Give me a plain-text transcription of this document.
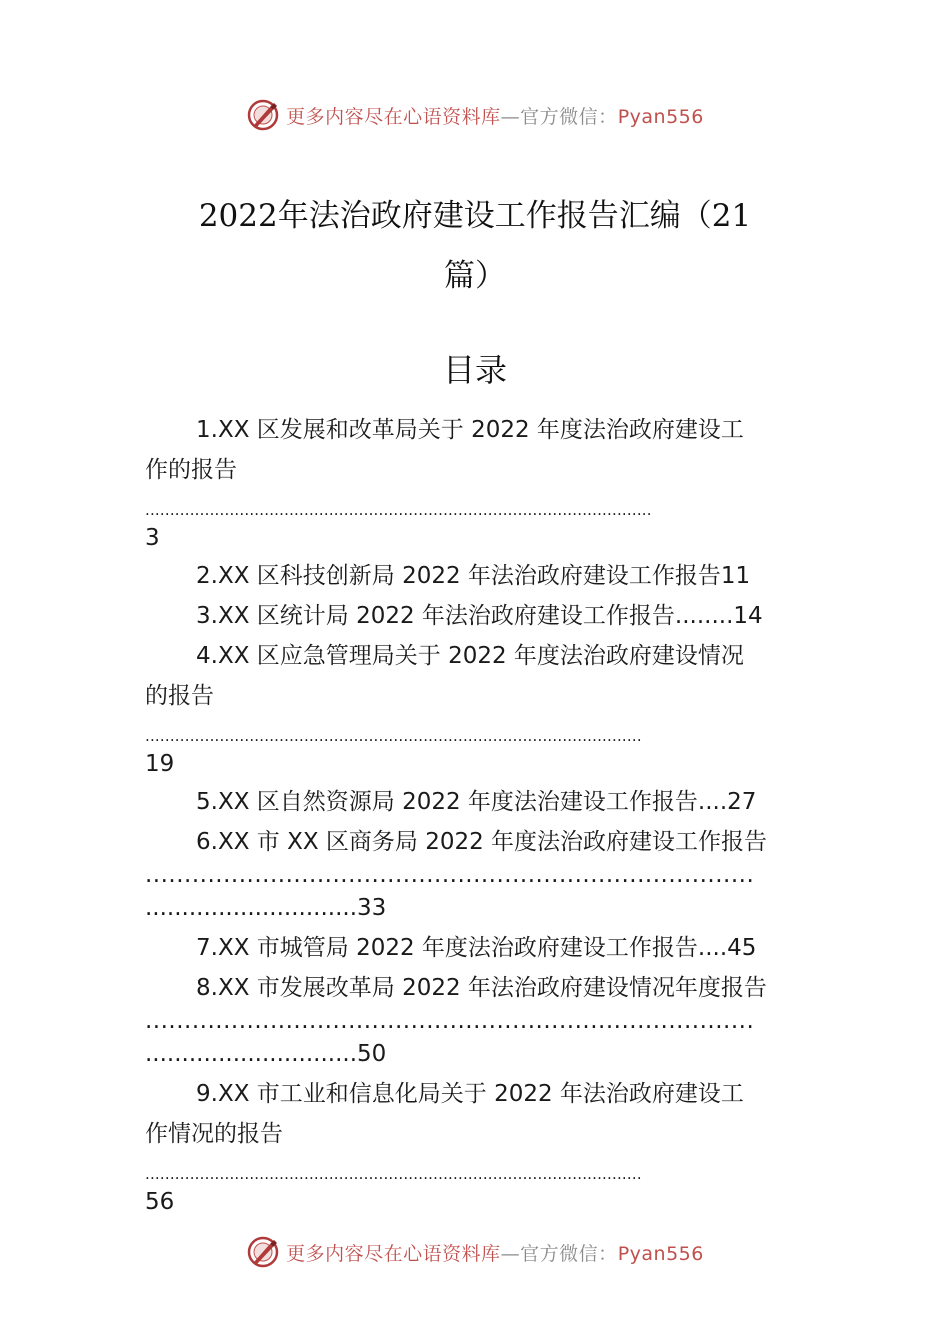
更多内容尽在心语资料库—官方微信：Pyan556
2022年法治政府建设工作报告汇编（21
篇）
目录
1.XX 区发展和改革局关于 2022 年度法治政府建设工
作的报告
......................................................................................................
3
2.XX 区科技创新局 2022 年法治政府建设工作报告11
3.XX 区统计局 2022 年法治政府建设工作报告........14
4.XX 区应急管理局关于 2022 年度法治政府建设情况
的报告
....................................................................................................
19
5.XX 区自然资源局 2022 年度法治建设工作报告....27
6.XX 市 XX 区商务局 2022 年度法治政府建设工作报告
..............................................................................
.............................33
7.XX 市城管局 2022 年度法治政府建设工作报告....45
8.XX 市发展改革局 2022 年法治政府建设情况年度报告
..............................................................................
.............................50
9.XX 市工业和信息化局关于 2022 年法治政府建设工
作情况的报告
....................................................................................................
56
更多内容尽在心语资料库—官方微信：Pyan556
